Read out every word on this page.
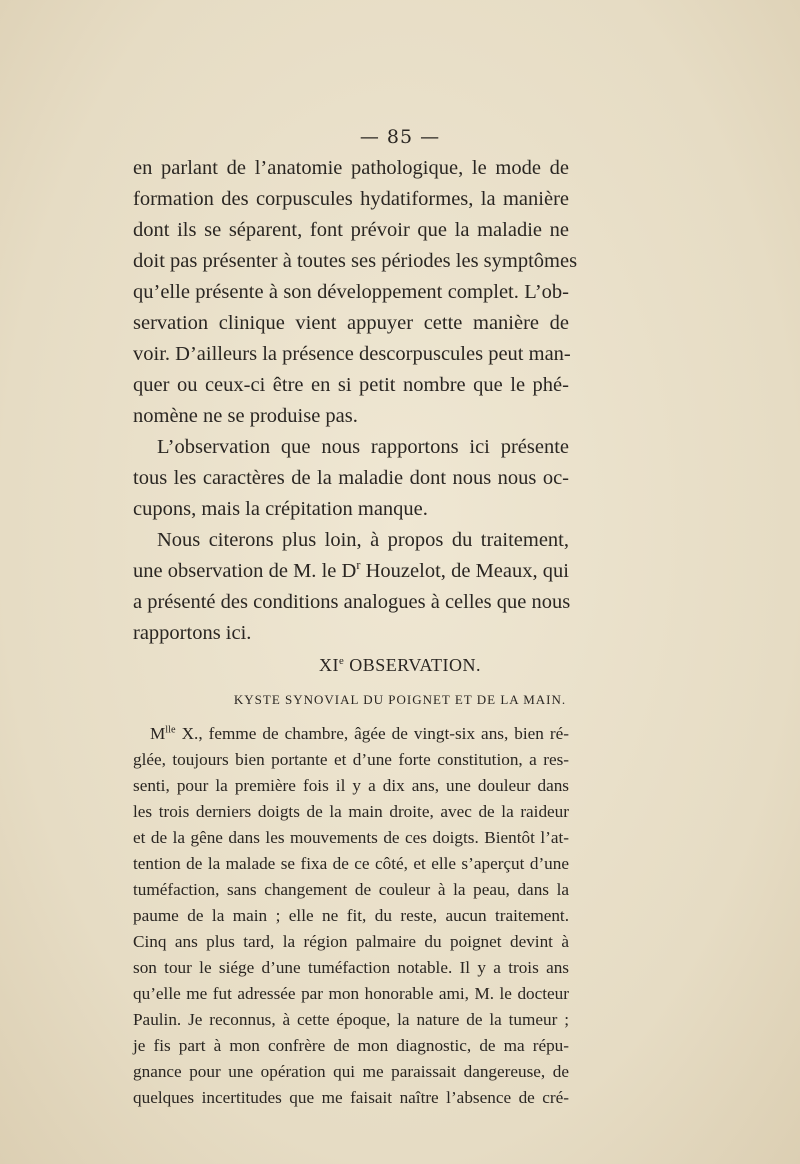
— 85 —
en parlant de l’anatomie pathologique, le mode de
formation des corpuscules hydatiformes, la manière
dont ils se séparent, font prévoir que la maladie ne
doit pas présenter à toutes ses périodes les symptômes
qu’elle présente à son développement complet. L’ob-
servation clinique vient appuyer cette manière de
voir. D’ailleurs la présence descorpuscules peut man-
quer ou ceux-ci être en si petit nombre que le phé-
nomène ne se produise pas.
L’observation que nous rapportons ici présente
tous les caractères de la maladie dont nous nous oc-
cupons, mais la crépitation manque.
Nous citerons plus loin, à propos du traitement,
une observation de M. le $D^r$ Houzelot, de Meaux, qui
a présenté des conditions analogues à celles que nous
rapportons ici.
XIe OBSERVATION.
KYSTE SYNOVIAL DU POIGNET ET DE LA MAIN.
$M^{lle}$ X., femme de chambre, âgée de vingt-six ans, bien ré-
glée, toujours bien portante et d’une forte constitution, a res-
senti, pour la première fois il y a dix ans, une douleur dans
les trois derniers doigts de la main droite, avec de la raideur
et de la gêne dans les mouvements de ces doigts. Bientôt l’at-
tention de la malade se fixa de ce côté, et elle s’aperçut d’une
tuméfaction, sans changement de couleur à la peau, dans la
paume de la main ; elle ne fit, du reste, aucun traitement.
Cinq ans plus tard, la région palmaire du poignet devint à
son tour le siége d’une tuméfaction notable. Il y a trois ans
qu’elle me fut adressée par mon honorable ami, M. le docteur
Paulin. Je reconnus, à cette époque, la nature de la tumeur ;
je fis part à mon confrère de mon diagnostic, de ma répu-
gnance pour une opération qui me paraissait dangereuse, de
quelques incertitudes que me faisait naître l’absence de cré-
